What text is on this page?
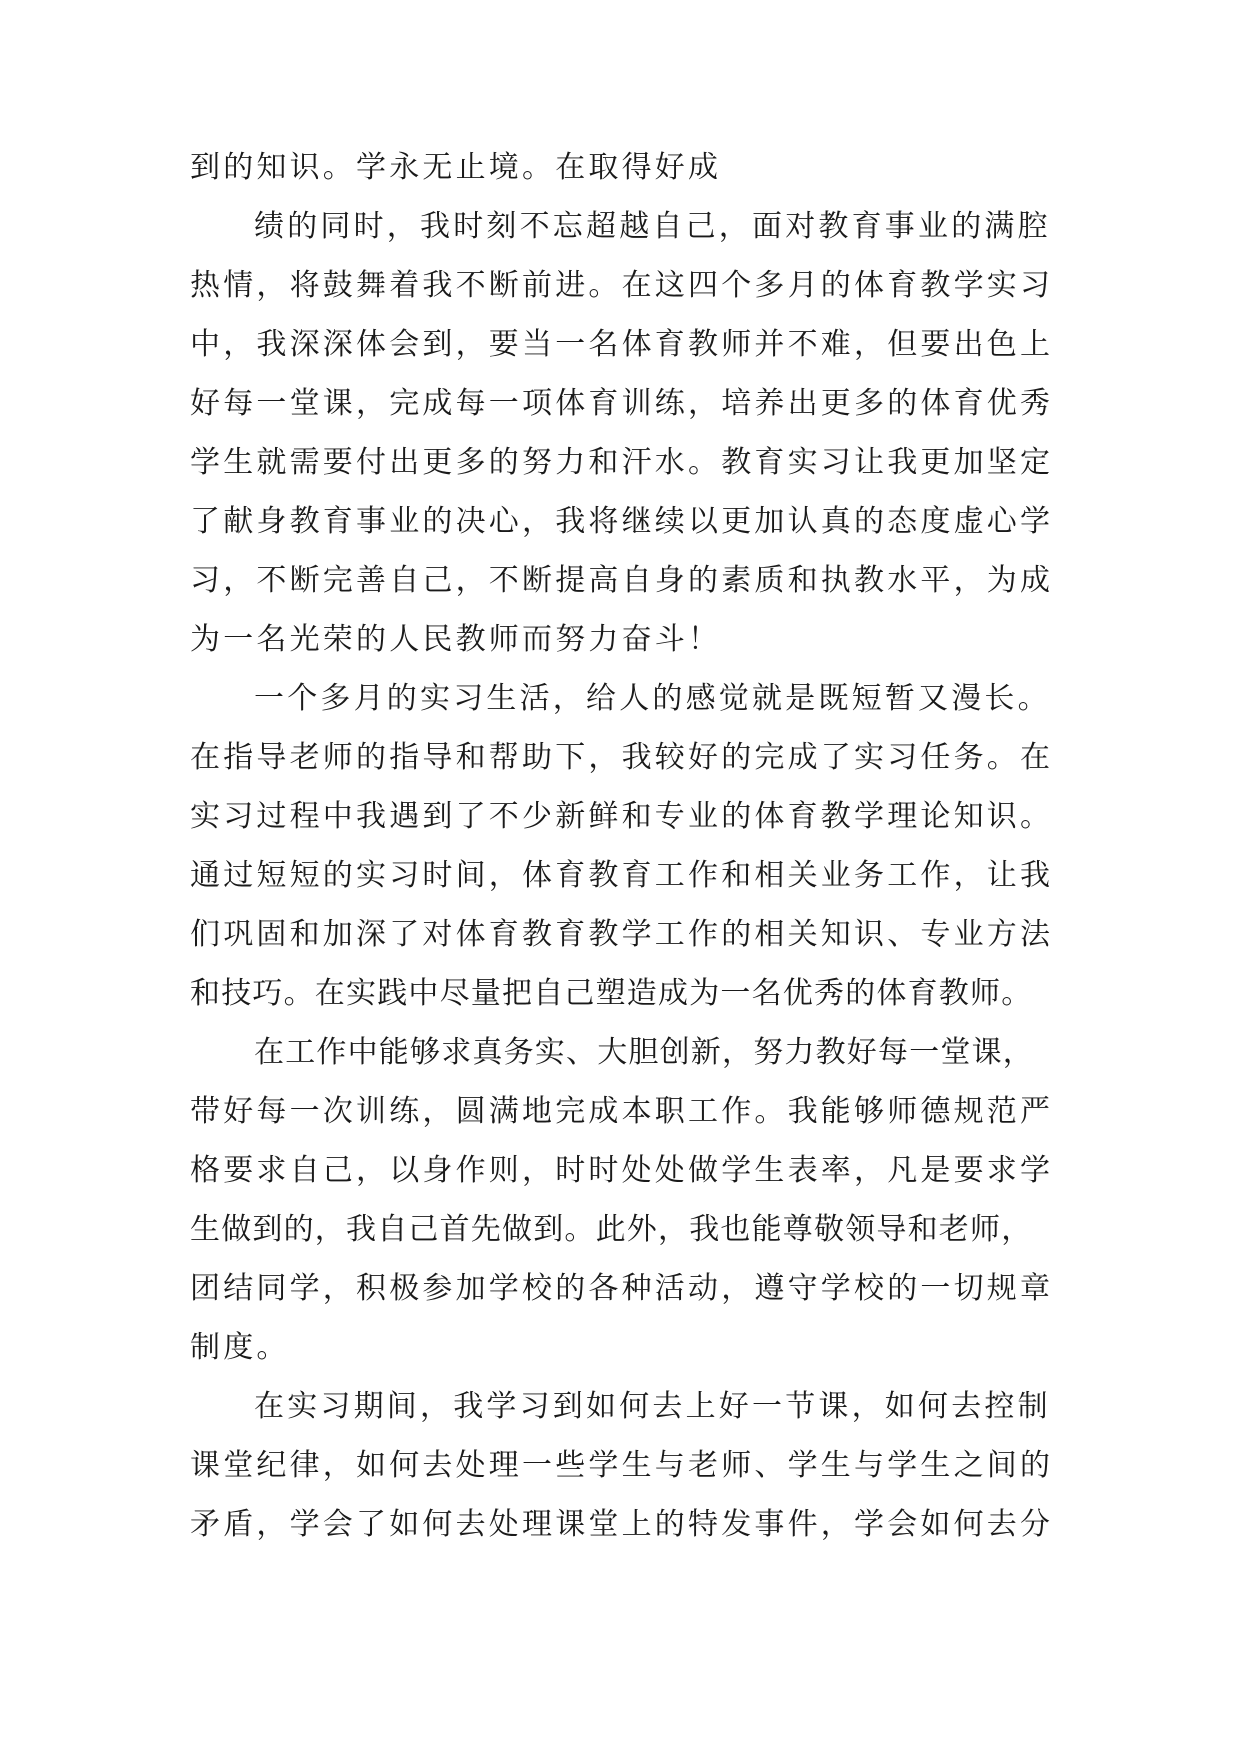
到的知识。学永无止境。在取得好成
绩的同时，我时刻不忘超越自己，面对教育事业的满腔
热情，将鼓舞着我不断前进。在这四个多月的体育教学实习
中，我深深体会到，要当一名体育教师并不难，但要出色上
好每一堂课，完成每一项体育训练，培养出更多的体育优秀
学生就需要付出更多的努力和汗水。教育实习让我更加坚定
了献身教育事业的决心，我将继续以更加认真的态度虚心学
习，不断完善自己，不断提高自身的素质和执教水平，为成
为一名光荣的人民教师而努力奋斗！
一个多月的实习生活，给人的感觉就是既短暂又漫长。
在指导老师的指导和帮助下，我较好的完成了实习任务。在
实习过程中我遇到了不少新鲜和专业的体育教学理论知识。
通过短短的实习时间，体育教育工作和相关业务工作，让我
们巩固和加深了对体育教育教学工作的相关知识、专业方法
和技巧。在实践中尽量把自己塑造成为一名优秀的体育教师。
在工作中能够求真务实、大胆创新，努力教好每一堂课，
带好每一次训练，圆满地完成本职工作。我能够师德规范严
格要求自己，以身作则，时时处处做学生表率，凡是要求学
生做到的，我自己首先做到。此外，我也能尊敬领导和老师，
团结同学，积极参加学校的各种活动，遵守学校的一切规章
制度。
在实习期间，我学习到如何去上好一节课，如何去控制
课堂纪律，如何去处理一些学生与老师、学生与学生之间的
矛盾，学会了如何去处理课堂上的特发事件，学会如何去分
